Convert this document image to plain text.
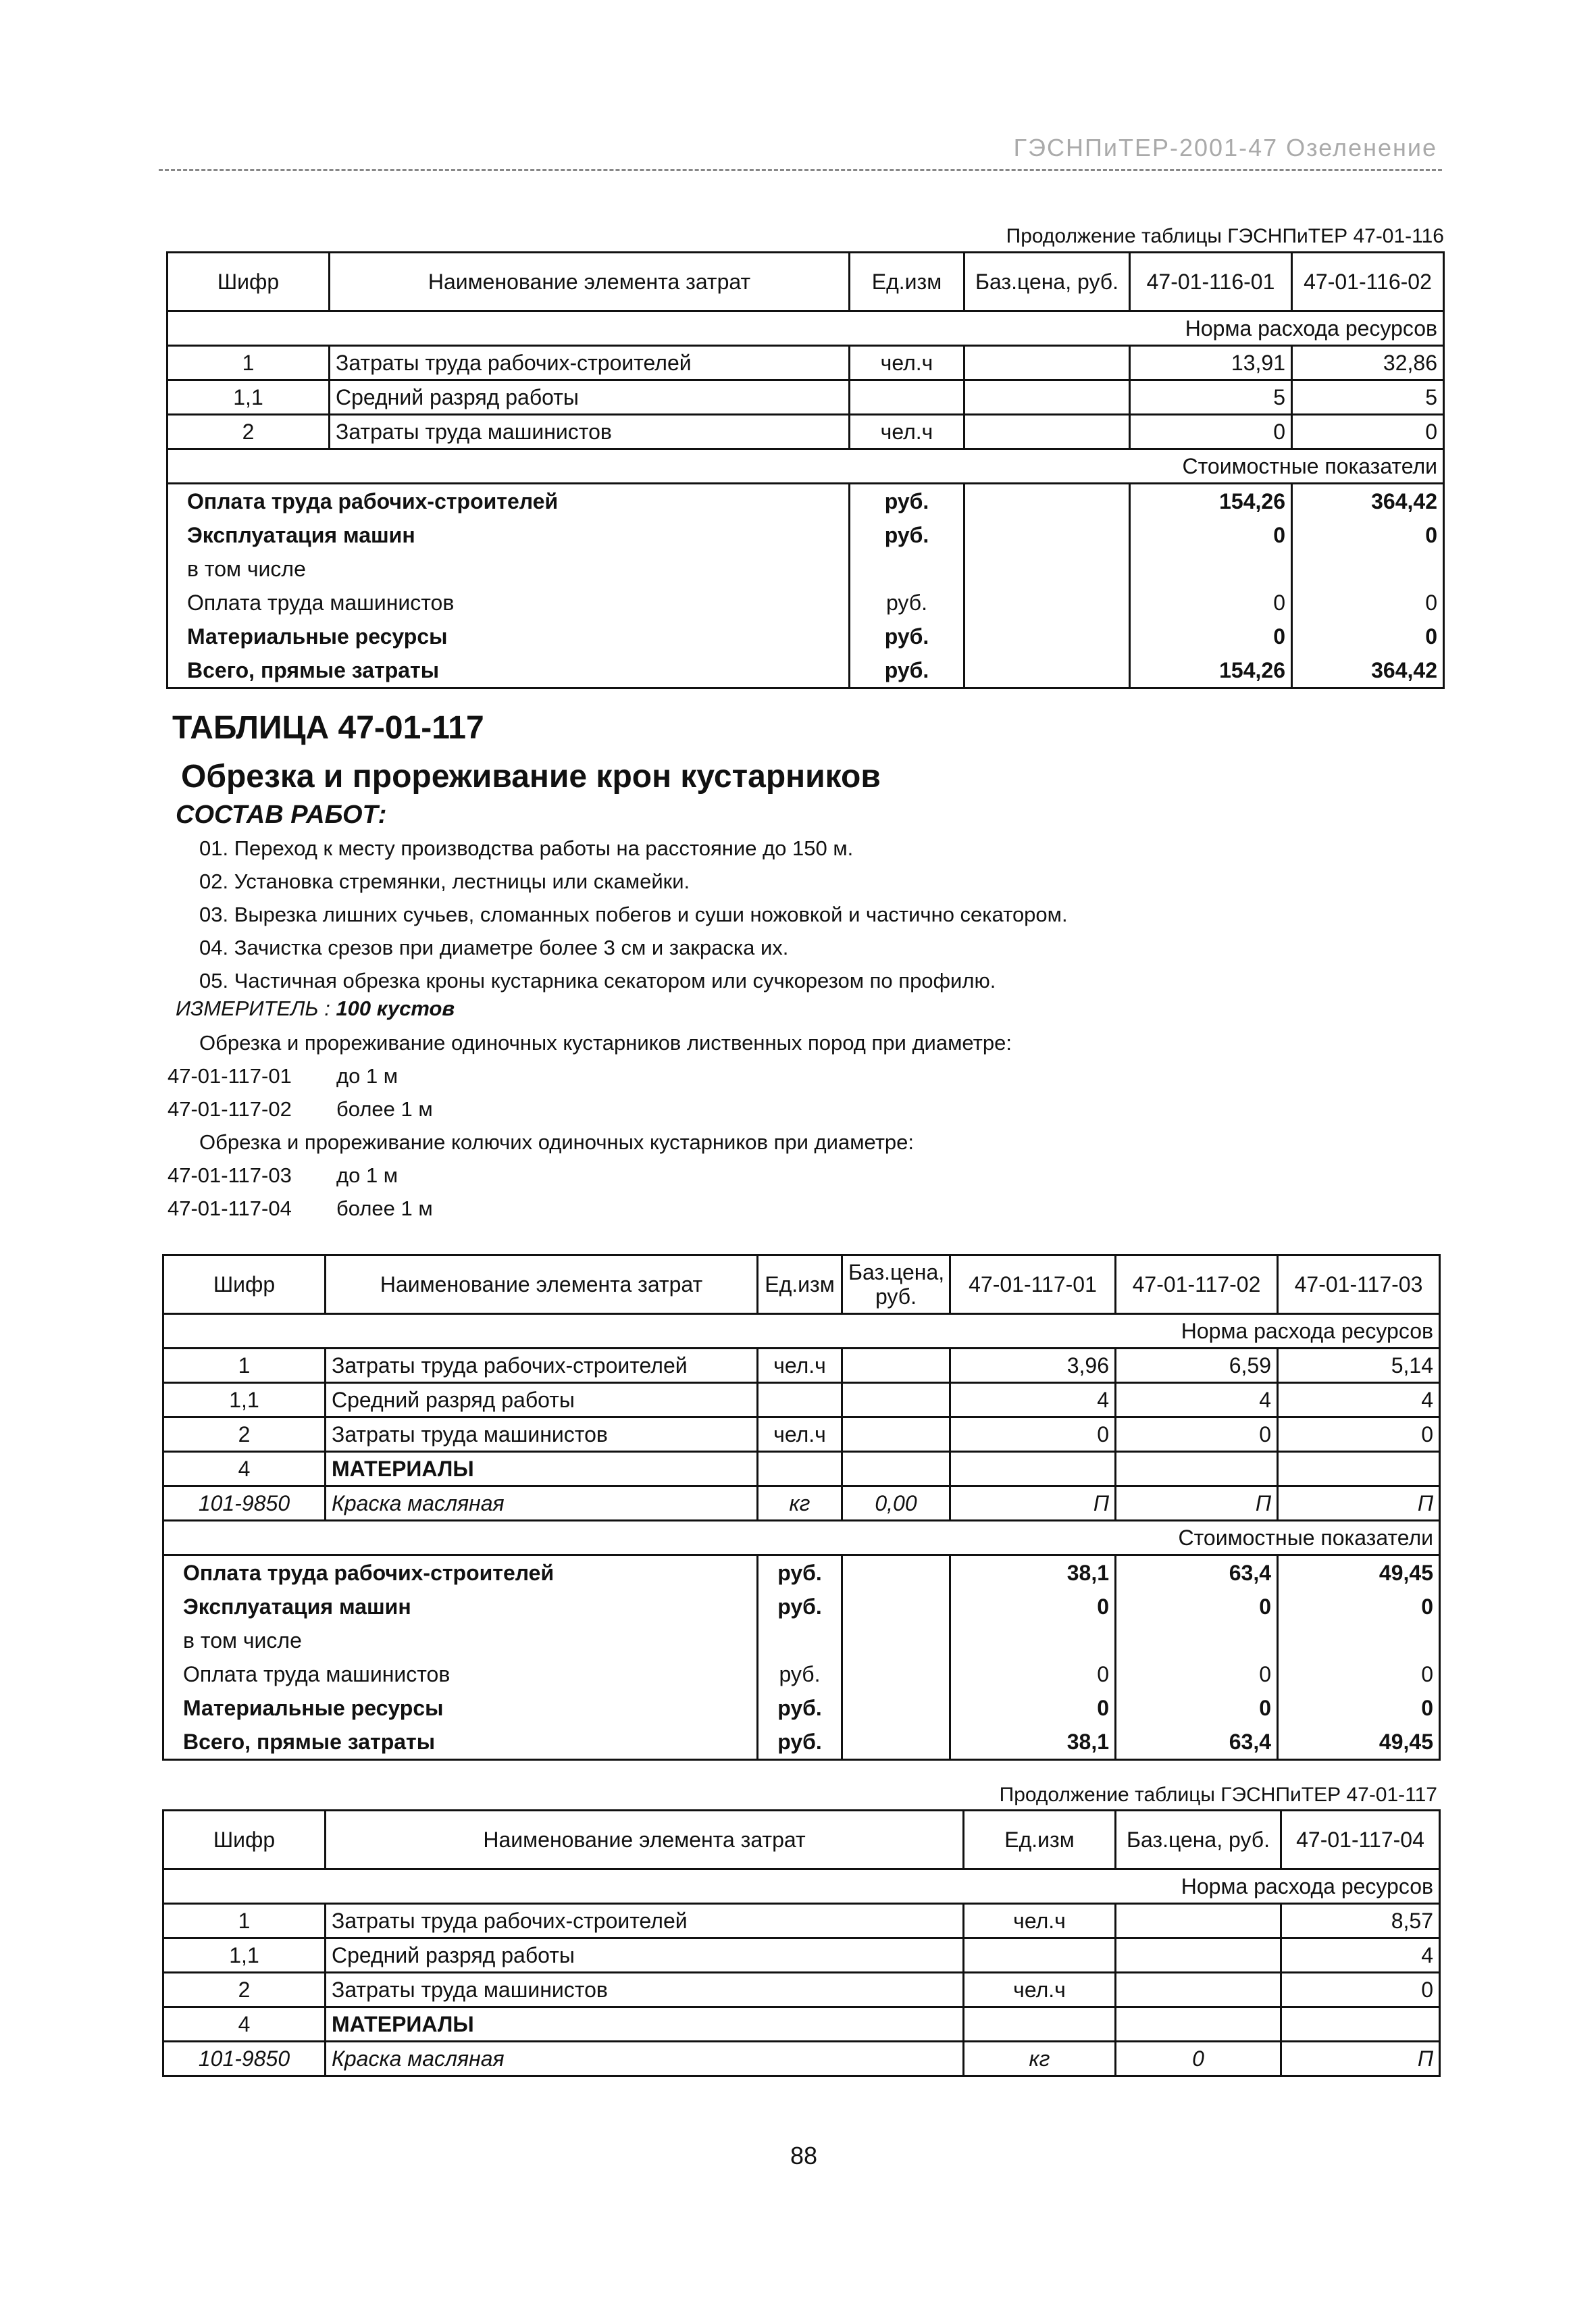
ГЭСНПиТЕР-2001-47 Озеленение
Продолжение таблицы ГЭСНПиТЕР 47-01-116
Шифр	Наименование элемента затрат	Ед.изм	Баз.цена, руб.	47-01-116-01	47-01-116-02
Норма расхода ресурсов					
1	Затраты труда рабочих-строителей	чел.ч		13,91	32,86
1,1	Средний разряд работы			5	5
2	Затраты труда машинистов	чел.ч		0	0
Стоимостные показатели					
Оплата труда рабочих-строителей		руб.		154,26	364,42
Эксплуатация машин		руб.		0	0
в том числе					
Оплата труда машинистов		руб.		0	0
Материальные ресурсы		руб.		0	0
Всего, прямые затраты		руб.		154,26	364,42
ТАБЛИЦА 47-01-117
Обрезка и прореживание крон кустарников
СОСТАВ РАБОТ:
01. Переход к месту производства работы на расстояние до 150 м.
02. Установка стремянки, лестницы или скамейки.
03. Вырезка лишних сучьев, сломанных побегов и суши ножовкой и частично секатором.
04. Зачистка срезов при диаметре более 3 см и закраска их.
05. Частичная обрезка кроны кустарника секатором или сучкорезом по профилю.
ИЗМЕРИТЕЛЬ : 100 кустов
Обрезка и прореживание одиночных кустарников лиственных пород при диаметре:
47-01-117-01 до 1 м
47-01-117-02 более 1 м
Обрезка и прореживание колючих одиночных кустарников при диаметре:
47-01-117-03 до 1 м
47-01-117-04 более 1 м
Шифр	Наименование элемента затрат	Ед.изм	Баз.цена, руб.	47-01-117-01	47-01-117-02	47-01-117-03
Норма расхода ресурсов						
1	Затраты труда рабочих-строителей	чел.ч		3,96	6,59	5,14
1,1	Средний разряд работы			4	4	4
2	Затраты труда машинистов	чел.ч		0	0	0
4	МАТЕРИАЛЫ					
101-9850	Краска масляная	кг	0,00	П	П	П
Стоимостные показатели						
Оплата труда рабочих-строителей		руб.		38,1	63,4	49,45
Эксплуатация машин		руб.		0	0	0
в том числе						
Оплата труда машинистов		руб.		0	0	0
Материальные ресурсы		руб.		0	0	0
Всего, прямые затраты		руб.		38,1	63,4	49,45
Продолжение таблицы ГЭСНПиТЕР 47-01-117
Шифр	Наименование элемента затрат	Ед.изм	Баз.цена, руб.	47-01-117-04
Норма расхода ресурсов				
1	Затраты труда рабочих-строителей	чел.ч		8,57
1,1	Средний разряд работы			4
2	Затраты труда машинистов	чел.ч		0
4	МАТЕРИАЛЫ			
101-9850	Краска масляная	кг	0	П
88
